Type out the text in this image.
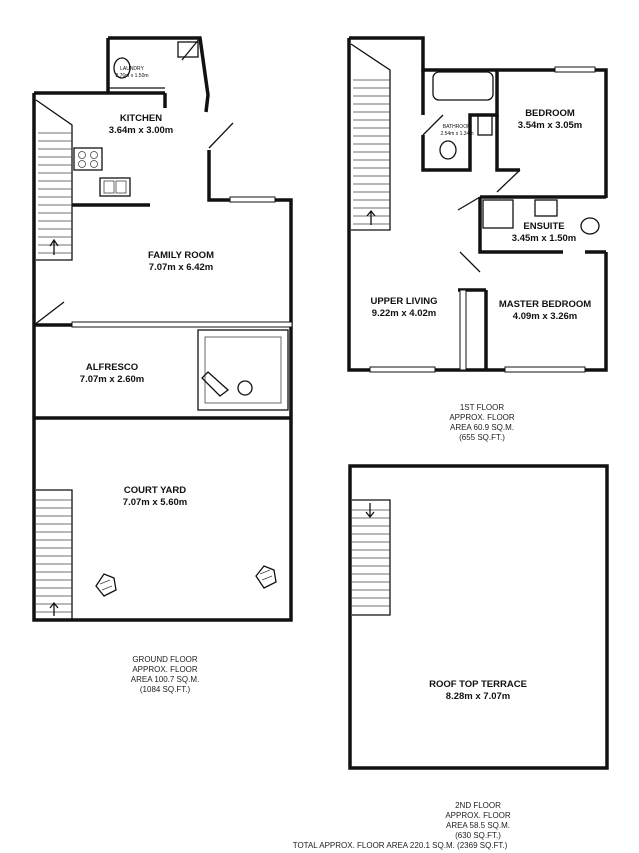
LAUNDRY
2.76m x 1.50m
KITCHEN
3.64m x 3.00m
FAMILY ROOM
7.07m x 6.42m
ALFRESCO
7.07m x 2.60m
COURT YARD
7.07m x 5.60m
GROUND FLOOR
APPROX. FLOOR
AREA 100.7 SQ.M.
(1084 SQ.FT.)
BATHROOM
2.54m x 1.34m
BEDROOM
3.54m x 3.05m
ENSUITE
3.45m x 1.50m
UPPER LIVING
9.22m x 4.02m
MASTER BEDROOM
4.09m x 3.26m
1ST FLOOR
APPROX. FLOOR
AREA 60.9 SQ.M.
(655 SQ.FT.)
ROOF TOP TERRACE
8.28m x 7.07m
2ND FLOOR
APPROX. FLOOR
AREA 58.5 SQ.M.
(630 SQ.FT.)
TOTAL APPROX. FLOOR AREA 220.1 SQ.M. (2369 SQ.FT.)
